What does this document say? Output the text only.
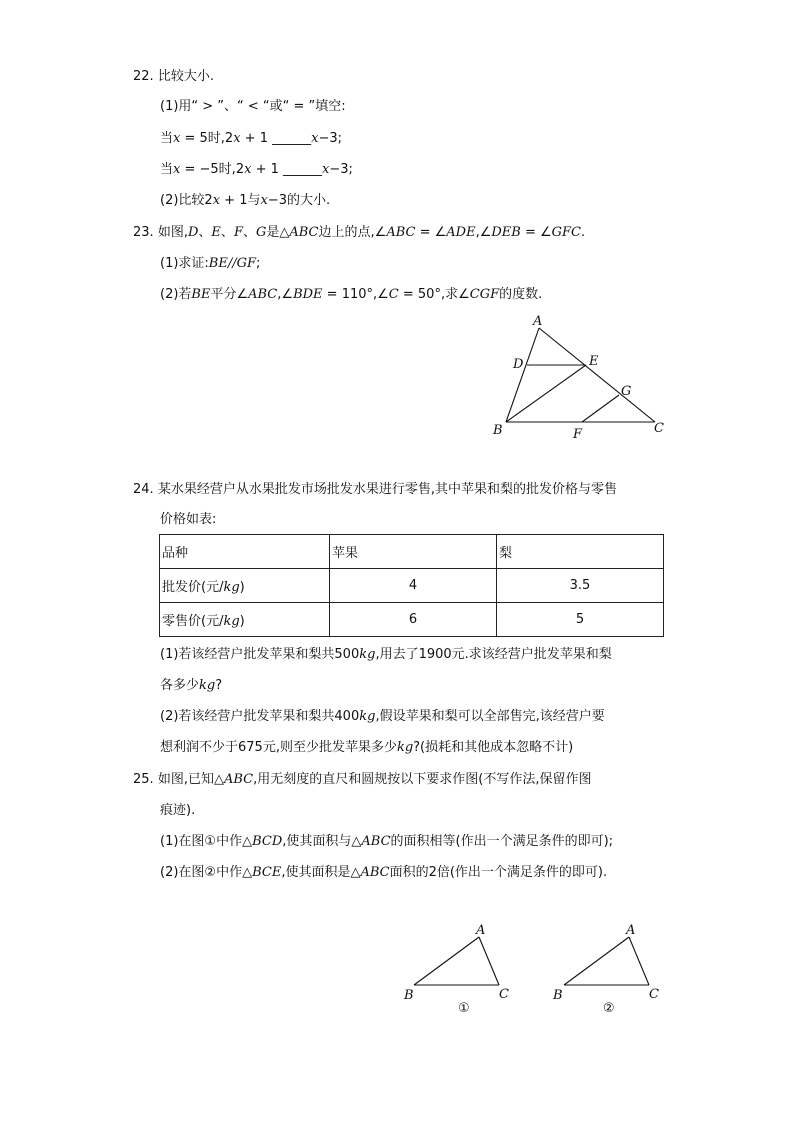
22. 比较大小.
(1)用“ > ”、“ < “或“ = ”填空:
当x = 5时,2x + 1 ______x−3;
当x = −5时,2x + 1 ______x−3;
(2)比较2x + 1与x−3的大小.
23. 如图,D、E、F、G是△ABC边上的点,∠ABC = ∠ADE,∠DEB = ∠GFC.
(1)求证:BE//GF;
(2)若BE平分∠ABC,∠BDE = 110°,∠C = 50°,求∠CGF的度数.
A
D	E
G
B	F	C
24. 某水果经营户从水果批发市场批发水果进行零售,其中苹果和梨的批发价格与零售
价格如表:
品种	苹果	梨
批发价(元/kg)	4	3.5
零售价(元/kg)	6	5
(1)若该经营户批发苹果和梨共500kg,用去了1900元.求该经营户批发苹果和梨
各多少kg?
(2)若该经营户批发苹果和梨共400kg,假设苹果和梨可以全部售完,该经营户要
想利润不少于675元,则至少批发苹果多少kg?(损耗和其他成本忽略不计)
25. 如图,已知△ABC,用无刻度的直尺和圆规按以下要求作图(不写作法,保留作图
痕迹).
(1)在图①中作△BCD,使其面积与△ABC的面积相等(作出一个满足条件的即可);
(2)在图②中作△BCE,使其面积是△ABC面积的2倍(作出一个满足条件的即可).
A
B	C
①
A
B	C
②
